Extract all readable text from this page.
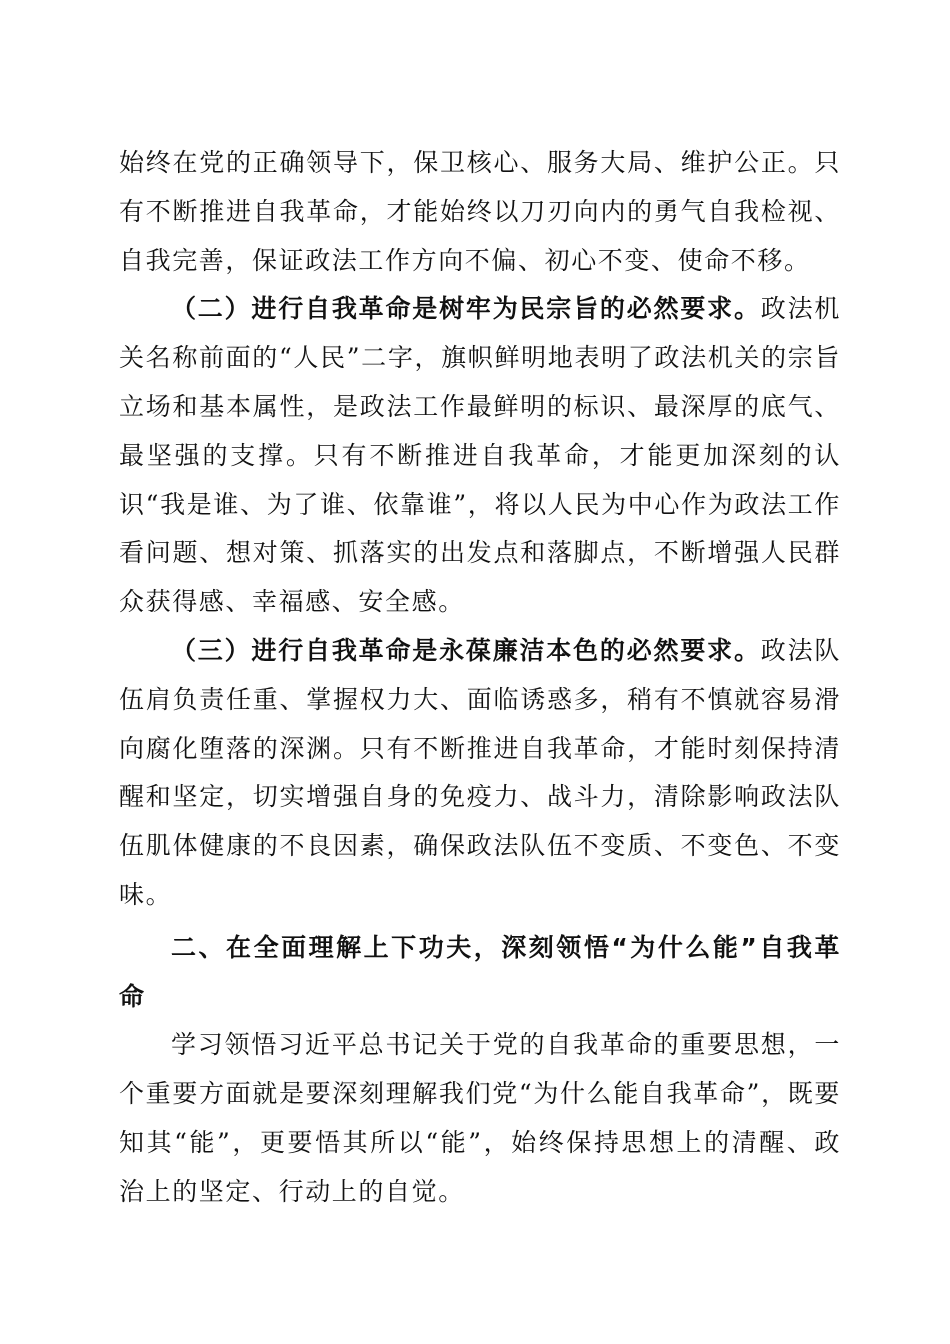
始终在党的正确领导下，保卫核心、服务大局、维护公正。只有不断推进自我革命，才能始终以刀刃向内的勇气自我检视、自我完善，保证政法工作方向不偏、初心不变、使命不移。

（二）进行自我革命是树牢为民宗旨的必然要求。政法机关名称前面的“人民”二字，旗帜鲜明地表明了政法机关的宗旨立场和基本属性，是政法工作最鲜明的标识、最深厚的底气、最坚强的支撑。只有不断推进自我革命，才能更加深刻的认识“我是谁、为了谁、依靠谁”，将以人民为中心作为政法工作看问题、想对策、抓落实的出发点和落脚点，不断增强人民群众获得感、幸福感、安全感。

（三）进行自我革命是永葆廉洁本色的必然要求。政法队伍肩负责任重、掌握权力大、面临诱惑多，稍有不慎就容易滑向腐化堕落的深渊。只有不断推进自我革命，才能时刻保持清醒和坚定，切实增强自身的免疫力、战斗力，清除影响政法队伍肌体健康的不良因素，确保政法队伍不变质、不变色、不变味。

二、在全面理解上下功夫，深刻领悟“为什么能”自我革命

学习领悟习近平总书记关于党的自我革命的重要思想，一个重要方面就是要深刻理解我们党“为什么能自我革命”，既要知其“能”，更要悟其所以“能”，始终保持思想上的清醒、政治上的坚定、行动上的自觉。
